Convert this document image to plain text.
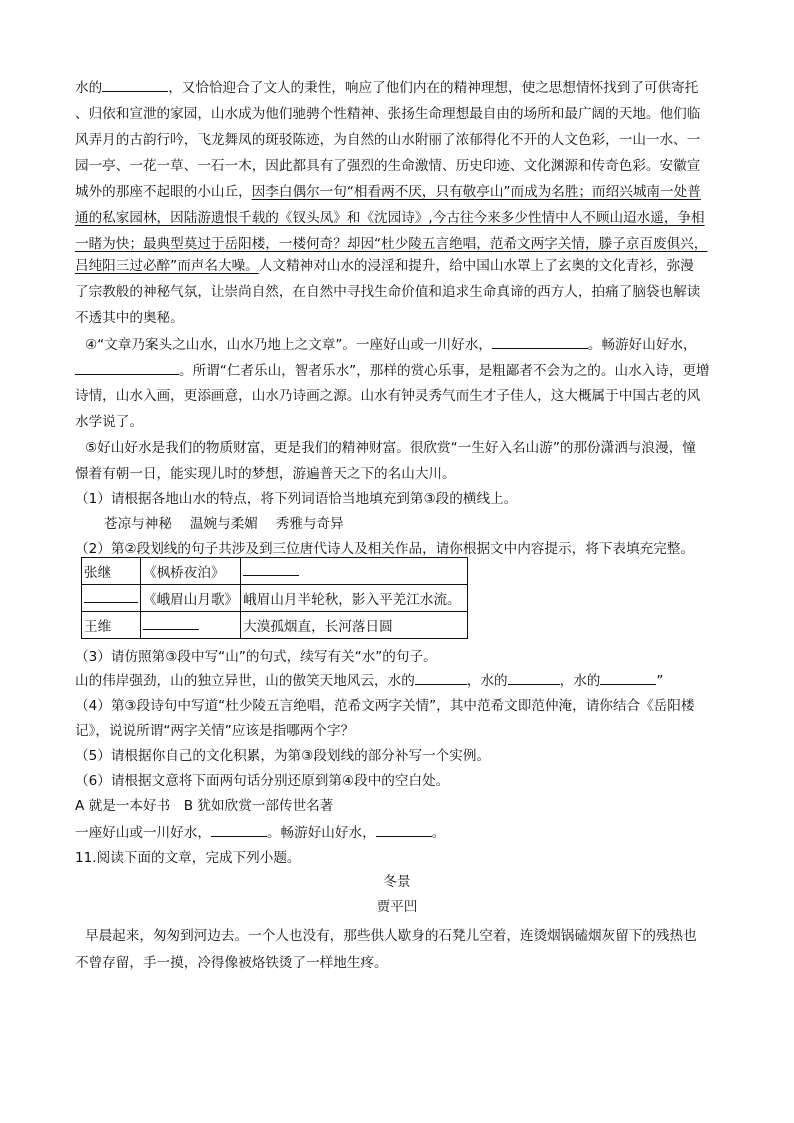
水的	，又恰恰迎合了文人的秉性，响应了他们内在的精神理想，使之思想情怀找到了可供寄托
、归依和宣泄的家园，山水成为他们驰骋个性精神、张扬生命理想最自由的场所和最广阔的天地。他们临
风弄月的古韵行吟，飞龙舞凤的斑驳陈迹，为自然的山水附丽了浓郁得化不开的人文色彩，一山一水、一
园一亭、一花一草、一石一木，因此都具有了强烈的生命激情、历史印迹、文化渊源和传奇色彩。安徽宣
城外的那座不起眼的小山丘，因李白偶尔一句“相看两不厌，只有敬亭山”而成为名胜；而绍兴城南一处普
通的私家园林，因陆游遗恨千载的《钗头凤》和《沈园诗》,今古往今来多少性情中人不顾山迢水遥，争相
一睹为快；最典型莫过于岳阳楼，一楼何奇？却因“杜少陵五言绝唱，范希文两字关情，滕子京百废俱兴，
吕纯阳三过必醉”而声名大噪。人文精神对山水的浸淫和提升，给中国山水罩上了玄奥的文化青衫，弥漫
了宗教般的神秘气氛，让崇尚自然，在自然中寻找生命价值和追求生命真谛的西方人，拍痛了脑袋也解读
不透其中的奥秘。
④“文章乃案头之山水，山水乃地上之文章”。一座好山或一川好水，	。畅游好山好水，
。所谓“仁者乐山，智者乐水”，那样的赏心乐事，是粗鄙者不会为之的。山水入诗，更增
诗情，山水入画，更添画意，山水乃诗画之源。山水有钟灵秀气而生才子佳人，这大概属于中国古老的风
水学说了。
⑤好山好水是我们的物质财富，更是我们的精神财富。很欣赏“一生好入名山游”的那份潇洒与浪漫，憧
憬着有朝一日，能实现儿时的梦想，游遍普天之下的名山大川。
（1）请根据各地山水的特点，将下列词语恰当地填充到第③段的横线上。
苍凉与神秘　 温婉与柔媚　 秀雅与奇异
（2）第②段划线的句子共涉及到三位唐代诗人及相关作品，请你根据文中内容提示，将下表填充完整。
张继	《枫桥夜泊》	
	《峨眉山月歌》	峨眉山月半轮秋，影入平羌江水流。
王维		大漠孤烟直，长河落日圆
（3）请仿照第③段中写“山”的句式，续写有关“水”的句子。
山的伟岸强劲，山的独立异世，山的傲笑天地风云，水的	，水的	，水的	”
（4）第③段诗句中写道“杜少陵五言绝唱，范希文两字关情”，其中范希文即范仲淹，请你结合《岳阳楼
记》，说说所谓“两字关情”应该是指哪两个字？
（5）请根据你自己的文化积累，为第③段划线的部分补写一个实例。
（6）请根据文意将下面两句话分别还原到第④段中的空白处。
A 就是一本好书　B 犹如欣赏一部传世名著
一座好山或一川好水，	。畅游好山好水，	。
11.阅读下面的文章，完成下列小题。
冬景
贾平凹
早晨起来，匆匆到河边去。一个人也没有，那些供人歇身的石凳儿空着，连烫烟锅磕烟灰留下的残热也
不曾存留，手一摸，冷得像被烙铁烫了一样地生疼。
